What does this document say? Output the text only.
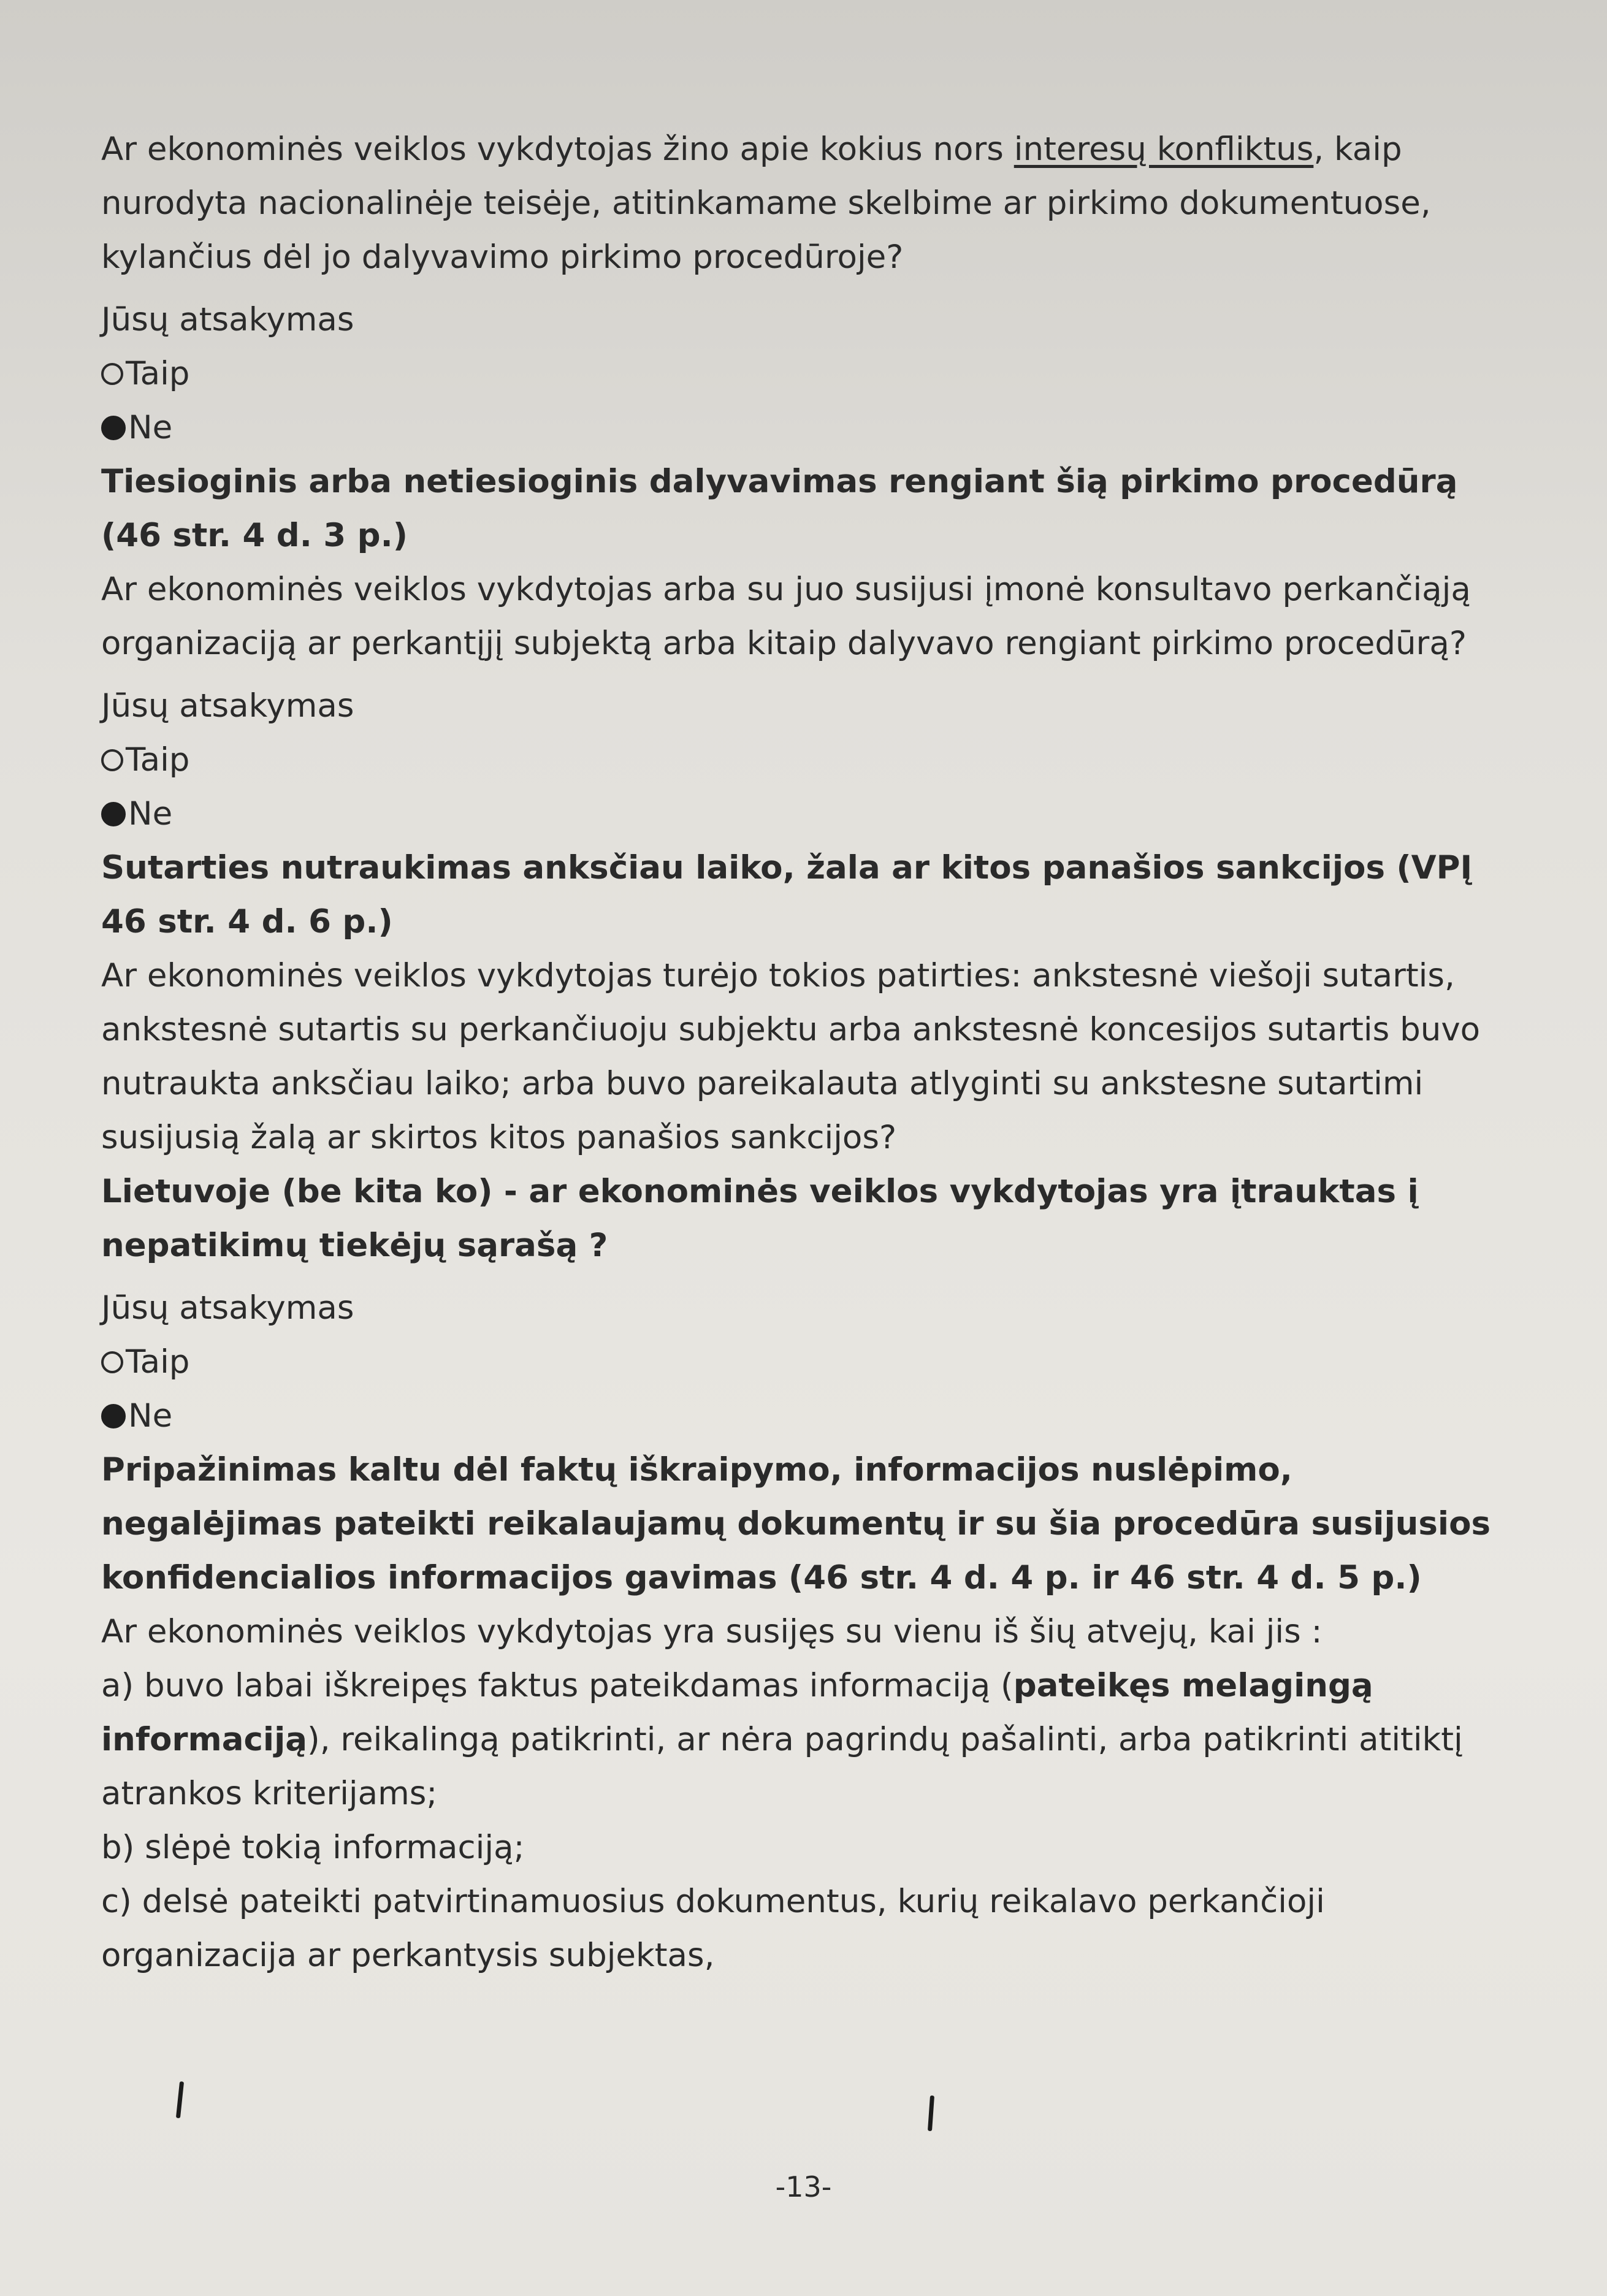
Ar ekonominės veiklos vykdytojas žino apie kokius nors interesų konfliktus, kaip nurodyta nacionalinėje teisėje, atitinkamame skelbime ar pirkimo dokumentuose, kylančius dėl jo dalyvavimo pirkimo procedūroje?

Jūsų atsakymas

Taip

Ne

Tiesioginis arba netiesioginis dalyvavimas rengiant šią pirkimo procedūrą (46 str. 4 d. 3 p.)

Ar ekonominės veiklos vykdytojas arba su juo susijusi įmonė konsultavo perkančiąją organizaciją ar perkantįjį subjektą arba kitaip dalyvavo rengiant pirkimo procedūrą?

Jūsų atsakymas

Taip

Ne

Sutarties nutraukimas anksčiau laiko, žala ar kitos panašios sankcijos (VPĮ 46 str. 4 d. 6 p.)

Ar ekonominės veiklos vykdytojas turėjo tokios patirties: ankstesnė viešoji sutartis, ankstesnė sutartis su perkančiuoju subjektu arba ankstesnė koncesijos sutartis buvo nutraukta anksčiau laiko; arba buvo pareikalauta atlyginti su ankstesne sutartimi susijusią žalą ar skirtos kitos panašios sankcijos?

Lietuvoje (be kita ko) - ar ekonominės veiklos vykdytojas yra įtrauktas į nepatikimų tiekėjų sąrašą ?

Jūsų atsakymas

Taip

Ne

Pripažinimas kaltu dėl faktų iškraipymo, informacijos nuslėpimo, negalėjimas pateikti reikalaujamų dokumentų ir su šia procedūra susijusios konfidencialios informacijos gavimas (46 str. 4 d. 4 p. ir 46 str. 4 d. 5 p.)

Ar ekonominės veiklos vykdytojas yra susijęs su vienu iš šių atvejų, kai jis :

a) buvo labai iškreipęs faktus pateikdamas informaciją (pateikęs melagingą informaciją), reikalingą patikrinti, ar nėra pagrindų pašalinti, arba patikrinti atitiktį atrankos kriterijams;

b) slėpė tokią informaciją;

c) delsė pateikti patvirtinamuosius dokumentus, kurių reikalavo perkančioji organizacija ar perkantysis subjektas,

-13-
